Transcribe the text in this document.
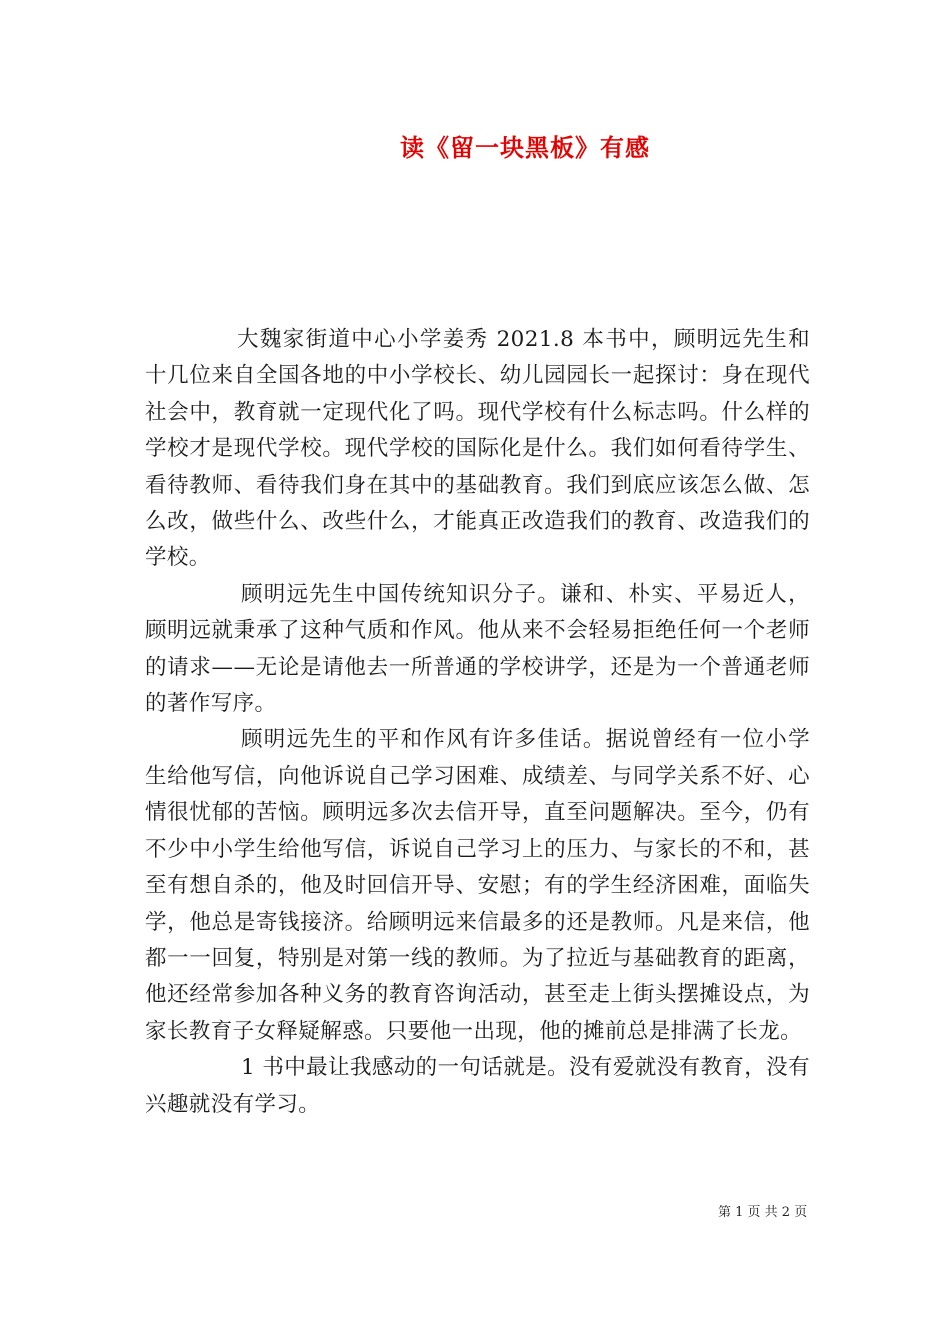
读《留一块黑板》有感

大魏家街道中心小学姜秀 2021.8 本书中，顾明远先生和十几位来自全国各地的中小学校长、幼儿园园长一起探讨：身在现代社会中，教育就一定现代化了吗。现代学校有什么标志吗。什么样的学校才是现代学校。现代学校的国际化是什么。我们如何看待学生、看待教师、看待我们身在其中的基础教育。我们到底应该怎么做、怎么改，做些什么、改些什么，才能真正改造我们的教育、改造我们的学校。

顾明远先生中国传统知识分子。谦和、朴实、平易近人，顾明远就秉承了这种气质和作风。他从来不会轻易拒绝任何一个老师的请求——无论是请他去一所普通的学校讲学，还是为一个普通老师的著作写序。

顾明远先生的平和作风有许多佳话。据说曾经有一位小学生给他写信，向他诉说自己学习困难、成绩差、与同学关系不好、心情很忧郁的苦恼。顾明远多次去信开导，直至问题解决。至今，仍有不少中小学生给他写信，诉说自己学习上的压力、与家长的不和，甚至有想自杀的，他及时回信开导、安慰；有的学生经济困难，面临失学，他总是寄钱接济。给顾明远来信最多的还是教师。凡是来信，他都一一回复，特别是对第一线的教师。为了拉近与基础教育的距离，他还经常参加各种义务的教育咨询活动，甚至走上街头摆摊设点，为家长教育子女释疑解惑。只要他一出现，他的摊前总是排满了长龙。

1 书中最让我感动的一句话就是。没有爱就没有教育，没有兴趣就没有学习。

第 1 页 共 2 页
